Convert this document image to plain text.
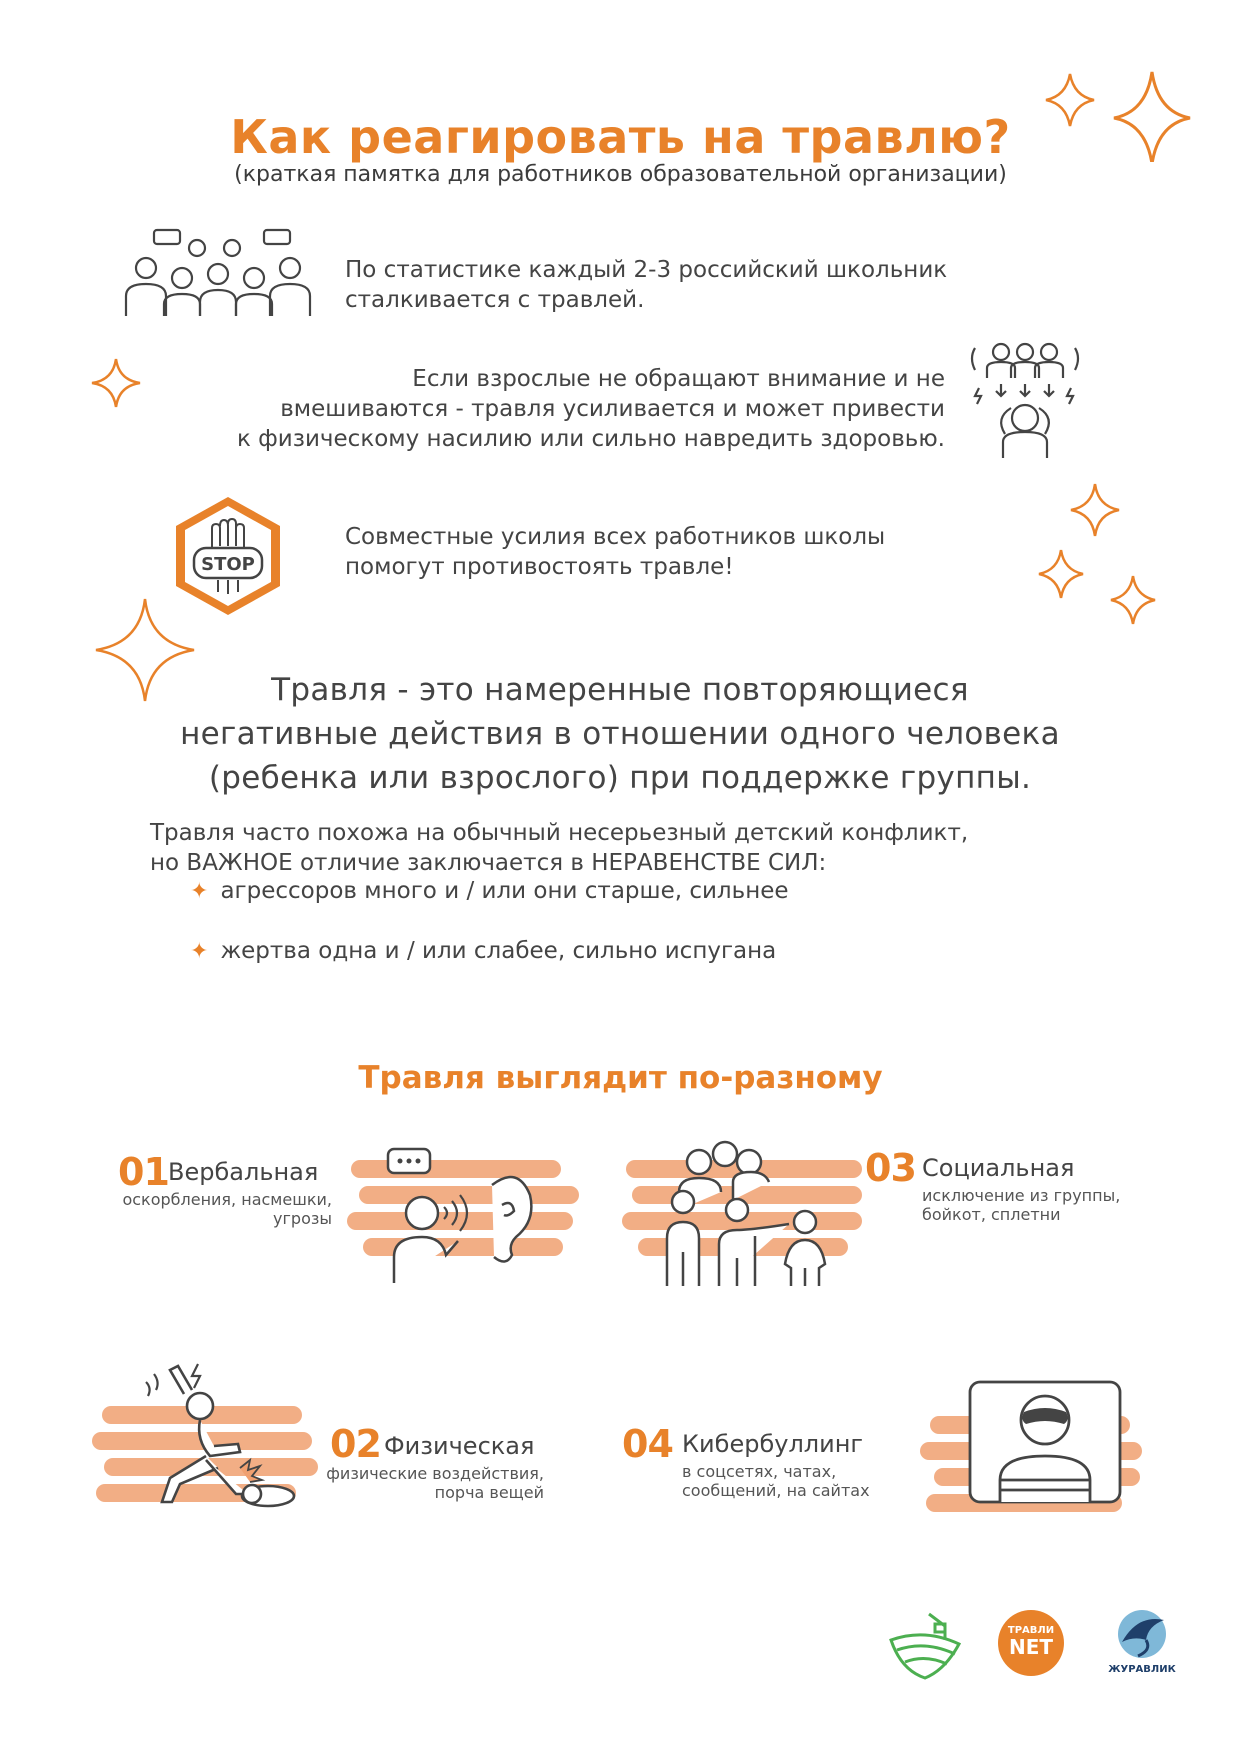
Как реагировать на травлю?
(краткая памятка для работников образовательной организации)
По статистике каждый 2-3 российский школьник
сталкивается с травлей.
Если взрослые не обращают внимание и не
вмешиваются - травля усиливается и может привести
к физическому насилию или сильно навредить здоровью.
STOP
Совместные усилия всех работников школы
помогут противостоять травле!
Травля - это намеренные повторяющиеся
негативные действия в отношении одного человека
(ребенка или взрослого) при поддержке группы.
Травля часто похожа на обычный несерьезный детский конфликт,
но ВАЖНОЕ отличие заключается в НЕРАВЕНСТВЕ СИЛ:
✦ агрессоров много и / или они старше, сильнее
✦ жертва одна и / или слабее, сильно испугана
Травля выглядит по-разному
01 Вербальная
оскорбления, насмешки,
угрозы
03 Социальная
исключение из группы,
бойкот, сплетни
02 Физическая
физические воздействия,
порча вещей
04 Кибербуллинг
в соцсетях, чатах,
сообщений, на сайтах
ТРАВЛИ
NET
ЖУРАВЛИК
